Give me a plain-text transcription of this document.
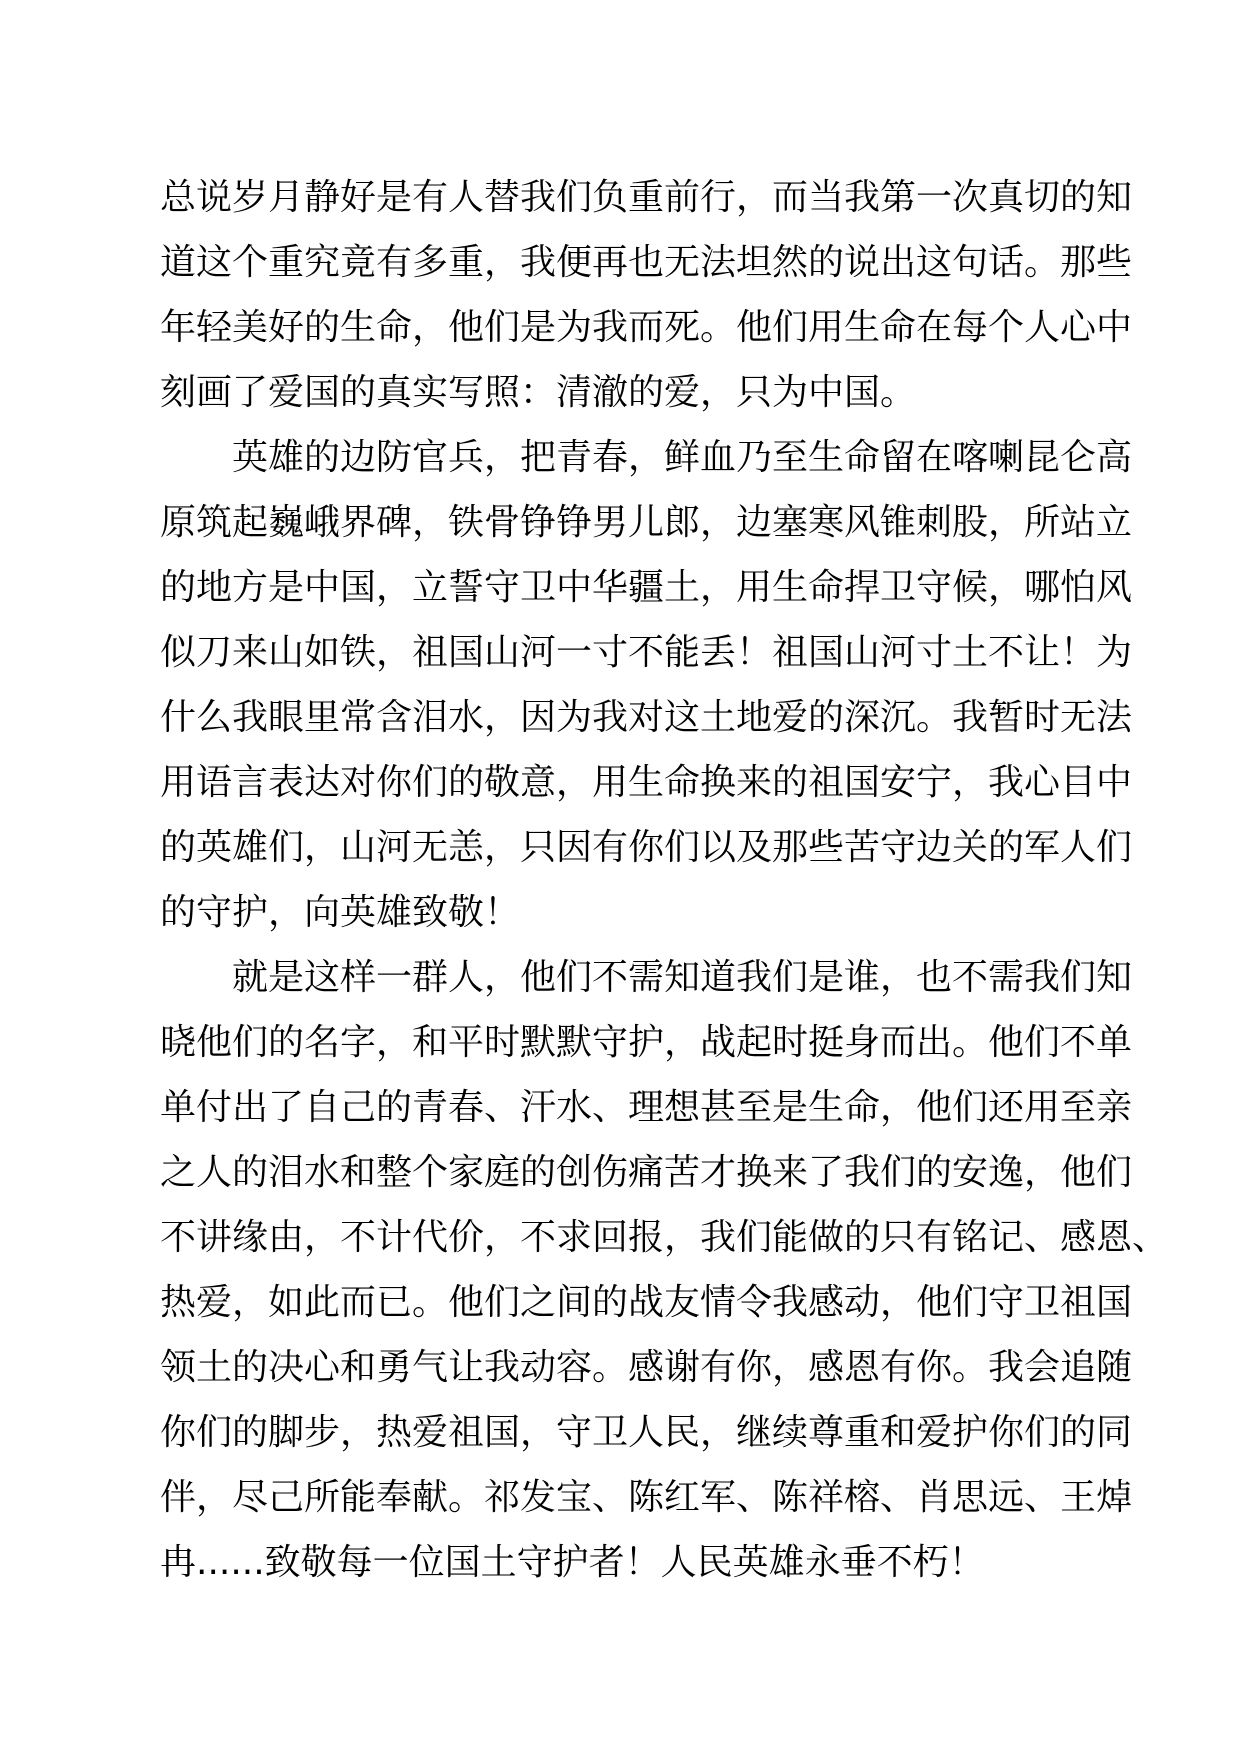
总说岁月静好是有人替我们负重前行，而当我第一次真切的知
道这个重究竟有多重，我便再也无法坦然的说出这句话。那些
年轻美好的生命，他们是为我而死。他们用生命在每个人心中
刻画了爱国的真实写照：清澈的爱，只为中国。
英雄的边防官兵，把青春，鲜血乃至生命留在喀喇昆仑高
原筑起巍峨界碑，铁骨铮铮男儿郎，边塞寒风锥刺股，所站立
的地方是中国，立誓守卫中华疆土，用生命捍卫守候，哪怕风
似刀来山如铁，祖国山河一寸不能丢！祖国山河寸土不让！为
什么我眼里常含泪水，因为我对这土地爱的深沉。我暂时无法
用语言表达对你们的敬意，用生命换来的祖国安宁，我心目中
的英雄们，山河无恙，只因有你们以及那些苦守边关的军人们
的守护，向英雄致敬！
就是这样一群人，他们不需知道我们是谁，也不需我们知
晓他们的名字，和平时默默守护，战起时挺身而出。他们不单
单付出了自己的青春、汗水、理想甚至是生命，他们还用至亲
之人的泪水和整个家庭的创伤痛苦才换来了我们的安逸，他们
不讲缘由，不计代价，不求回报，我们能做的只有铭记、感恩、
热爱，如此而已。他们之间的战友情令我感动，他们守卫祖国
领土的决心和勇气让我动容。感谢有你，感恩有你。我会追随
你们的脚步，热爱祖国，守卫人民，继续尊重和爱护你们的同
伴，尽己所能奉献。祁发宝、陈红军、陈祥榕、肖思远、王焯
冉......致敬每一位国土守护者！人民英雄永垂不朽！
